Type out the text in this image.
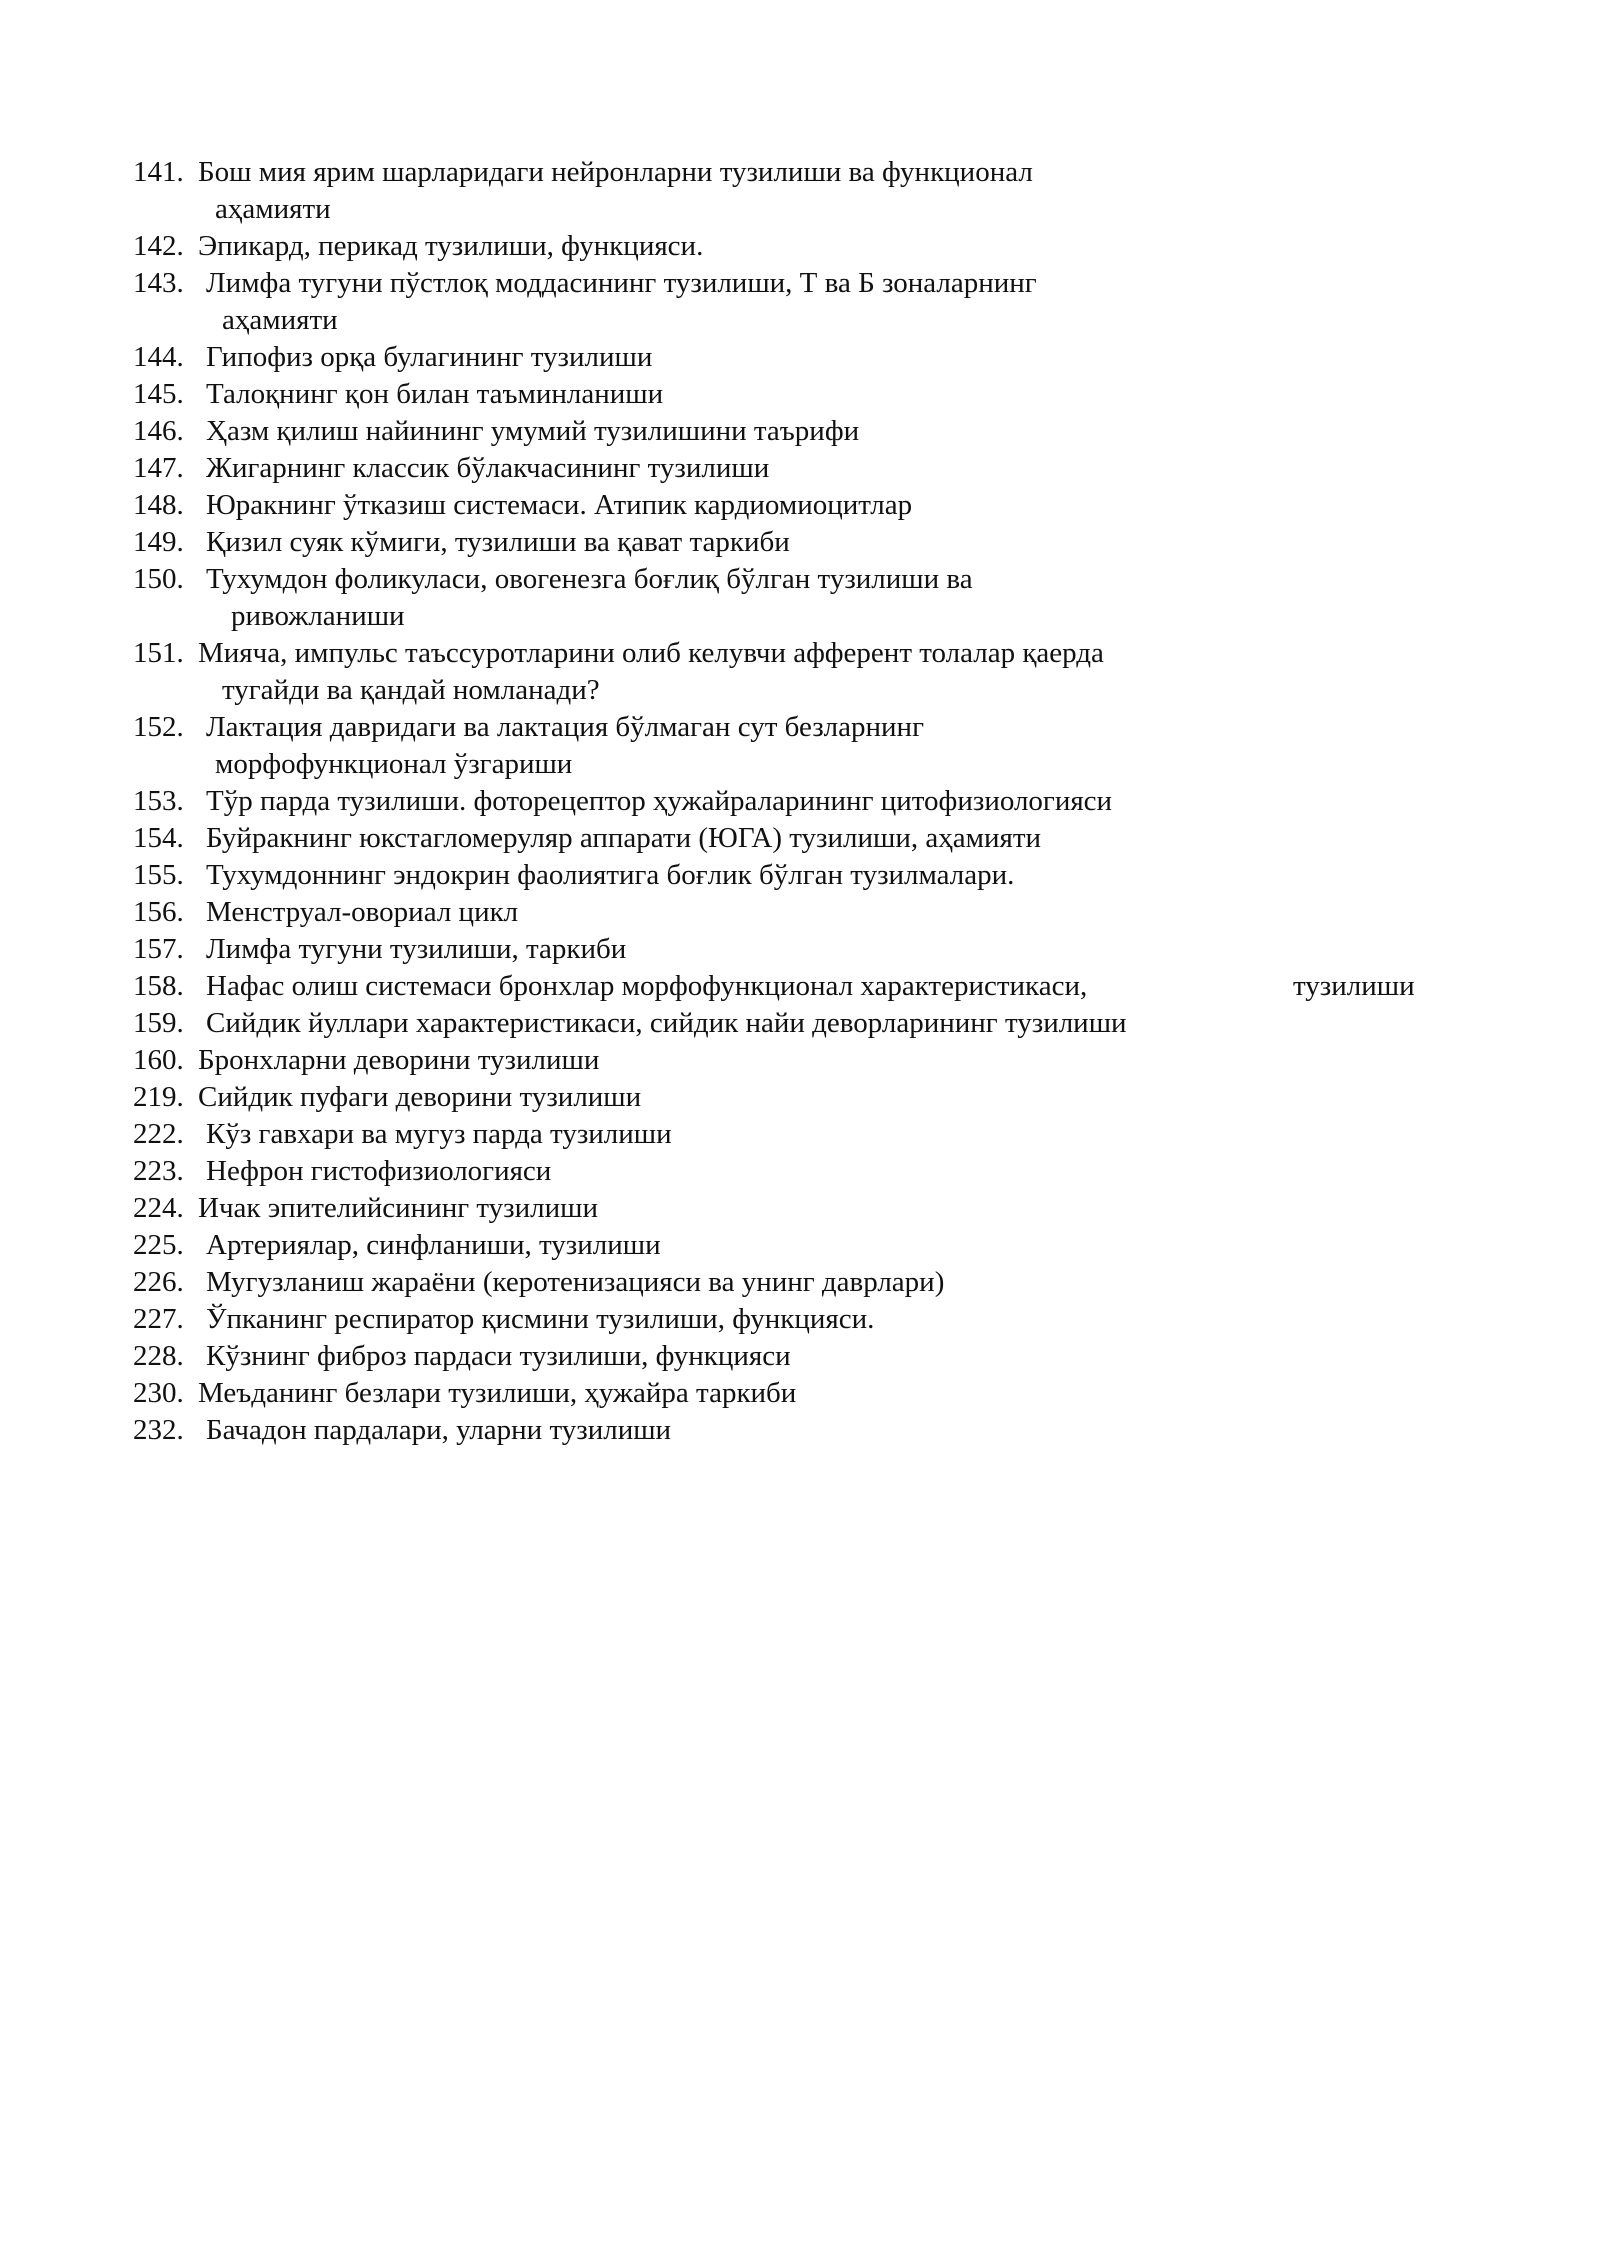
141. Бош мия ярим шарларидаги нейронларни тузилиши ва функционал
аҳамияти
142. Эпикард, перикад тузилиши, функцияси.
143. Лимфа тугуни пўстлоқ моддасининг тузилиши, Т ва Б зоналарнинг
аҳамияти
144. Гипофиз орқа булагининг тузилиши
145. Талоқнинг қон билан таъминланиши
146. Ҳазм қилиш найининг умумий тузилишини таърифи
147. Жигарнинг классик бўлакчасининг тузилиши
148. Юракнинг ўтказиш системаси. Атипик кардиомиоцитлар
149. Қизил суяк кўмиги, тузилиши ва қават таркиби
150. Тухумдон фоликуласи, овогенезга боғлиқ бўлган тузилиши ва
ривожланиши
151. Мияча, импульс таъссуротларини олиб келувчи афферент толалар қаерда
тугайди ва қандай номланади?
152. Лактация давридаги ва лактация бўлмаган сут безларнинг
морфофункционал ўзгариши
153. Тўр парда тузилиши. фоторецептор ҳужайраларининг цитофизиологияси
154. Буйракнинг юкстагломеруляр аппарати (ЮГА) тузилиши, аҳамияти
155. Тухумдоннинг эндокрин фаолиятига боғлик бўлган тузилмалари.
156. Менструал-овориал цикл
157. Лимфа тугуни тузилиши, таркиби
158. Нафас олиш системаси бронхлар морфофункционал характеристикаси,	тузилиши
159. Сийдик йуллари характеристикаси, сийдик найи деворларининг тузилиши
160. Бронхларни деворини тузилиши
219. Сийдик пуфаги деворини тузилиши
222. Кўз гавхари ва мугуз парда тузилиши
223. Нефрон гистофизиологияси
224. Ичак эпителийсининг тузилиши
225. Артериялар, синфланиши, тузилиши
226. Мугузланиш жараёни (керотенизацияси ва унинг даврлари)
227. Ўпканинг респиратор қисмини тузилиши, функцияси.
228. Кўзнинг фиброз пардаси тузилиши, функцияси
230. Меъданинг безлари тузилиши, ҳужайра таркиби
232. Бачадон пардалари, уларни тузилиши
